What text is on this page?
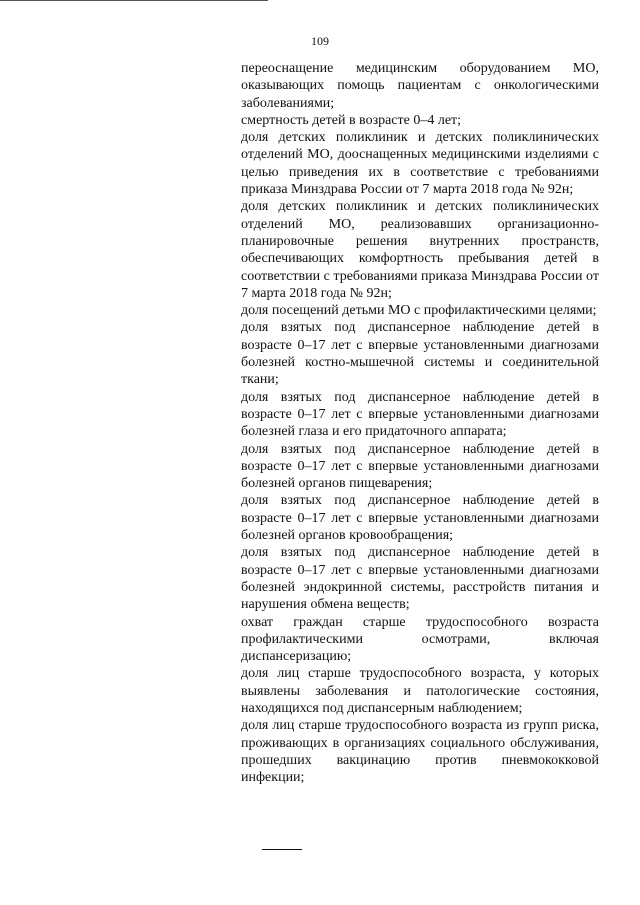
109

переоснащение медицинским оборудованием МО, оказывающих помощь пациентам с онкологическими заболеваниями;

смертность детей в возрасте 0–4 лет;

доля детских поликлиник и детских поликлинических отделений МО, дооснащенных медицинскими изделиями с целью приведения их в соответствие с требованиями приказа Минздрава России от 7 марта 2018 года № 92н;

доля детских поликлиник и детских поликлинических отделений МО, реализовавших организационно-планировочные решения внутренних пространств, обеспечивающих комфортность пребывания детей в соответствии с требованиями приказа Минздрава России от 7 марта 2018 года № 92н;

доля посещений детьми МО с профилактическими целями;

доля взятых под диспансерное наблюдение детей в возрасте 0–17 лет с впервые установленными диагнозами болезней костно-мышечной системы и соединительной ткани;

доля взятых под диспансерное наблюдение детей в возрасте 0–17 лет с впервые установленными диагнозами болезней глаза и его придаточного аппарата;

доля взятых под диспансерное наблюдение детей в возрасте 0–17 лет с впервые установленными диагнозами болезней органов пищеварения;

доля взятых под диспансерное наблюдение детей в возрасте 0–17 лет с впервые установленными диагнозами болезней органов кровообращения;

доля взятых под диспансерное наблюдение детей в возрасте 0–17 лет с впервые установленными диагнозами болезней эндокринной системы, расстройств питания и нарушения обмена веществ;

охват граждан старше трудоспособного возраста профилактическими осмотрами, включая диспансеризацию;

доля лиц старше трудоспособного возраста, у которых выявлены заболевания и патологические состояния, находящихся под диспансерным наблюдением;

доля лиц старше трудоспособного возраста из групп риска, проживающих в организациях социального обслуживания, прошедших вакцинацию против пневмококковой инфекции;
